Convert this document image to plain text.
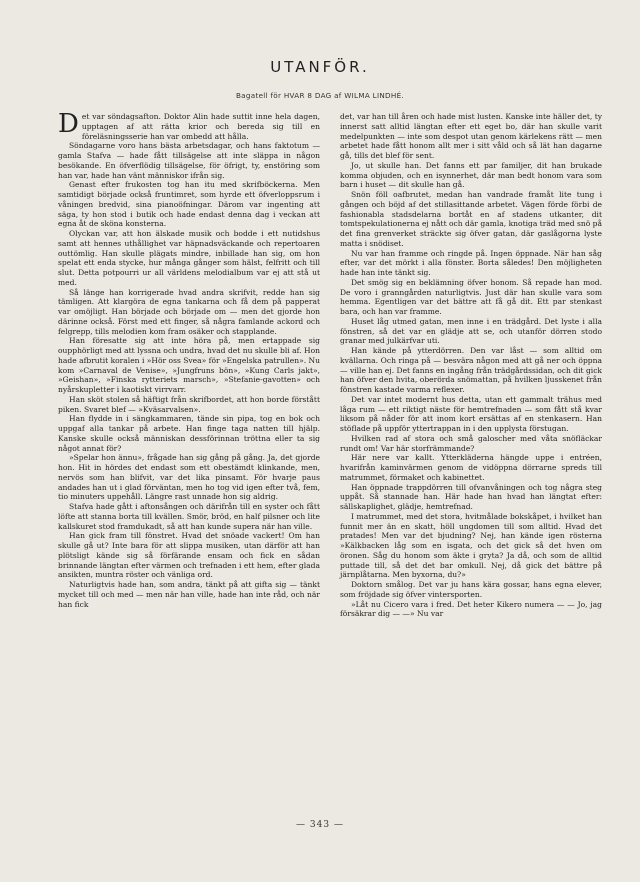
UTANFÖR.
Bagatell för HVAR 8 DAG af WILMA LINDHÉ.

Det var söndagsafton. Doktor Alin hade suttit inne hela dagen, upptagen af att rätta krior och bereda sig till en föreläsningsserie han var ombedd att hålla.

Söndagarne voro hans bästa arbetsdagar, och hans faktotum — gamla Stafva — hade fått tillsägelse att inte släppa in någon besökande. En öfverflödig tillsägelse, för öfrigt, ty, enstöring som han var, hade han vänt människor ifrån sig.

Genast efter frukosten tog han itu med skrifböckerna. Men samtidigt började också fruntimret, som hyrde ett öfverloppsrum i våningen bredvid, sina pianoöfningar. Därom var ingenting att säga, ty hon stod i butik och hade endast denna dag i veckan att egna åt de sköna konsterna.

Olyckan var, att hon älskade musik och bodde i ett nutidshus samt att hennes uthållighet var häpnadsväckande och repertoaren outtömlig. Han skulle plägats mindre, inbillade han sig, om hon spelat ett enda stycke, hur många gånger som hälst, felfritt och till slut. Detta potpourri ur all världens melodialbum var ej att stå ut med.

Så länge han korrigerade hvad andra skrifvit, redde han sig tämligen. Att klargöra de egna tankarna och få dem på papperat var omöjligt. Han började och började om — men det gjorde hon därinne också. Först med ett finger, så några famlande ackord och felgrepp, tills melodien kom fram osäker och stapplande.

Han föresatte sig att inte höra på, men ertappade sig oupphörligt med att lyssna och undra, hvad det nu skulle bli af. Hon hade afbrutit koralen i »Hör oss Svea» för »Engelska patrullen». Nu kom »Carnaval de Venise», »Jungfruns bön», »Kung Carls jakt», »Geishan», »Finska rytteriets marsch», »Stefanie-gavotten» och nyårskupletter i kaotiskt virrvarr.

Han sköt stolen så häftigt från skrifbordet, att hon borde förstått piken. Svaret blef — »Kväsarvalsen».

Han flydde in i sängkammaren, tände sin pipa, tog en bok och uppgaf alla tankar på arbete. Han finge taga natten till hjälp. Kanske skulle också människan dessförinnan tröttna eller ta sig något annat för?

»Spelar hon ännu», frågade han sig gång på gång. Ja, det gjorde hon. Hit in hördes det endast som ett obestämdt klinkande, men, nervös som han blifvit, var det lika pinsamt. För hvarje paus andades han ut i glad förväntan, men ho tog vid igen efter två, fem, tio minuters uppehåll. Längre rast unnade hon sig aldrig.

Stafva hade gått i aftonsången och därifrån till en syster och fått löfte att stanna borta till kvällen. Smör, bröd, en half pilsner och lite kallskuret stod framdukadt, så att han kunde supera när han ville.

Han gick fram till fönstret. Hvad det snöade vackert! Om han skulle gå ut? Inte bara för att slippa musiken, utan därför att han plötsligt kände sig så förfärande ensam och fick en sådan brinnande längtan efter värmen och trefnaden i ett hem, efter glada ansikten, muntra röster och vänliga ord.

Naturligtvis hade han, som andra, tänkt på att gifta sig — tänkt mycket till och med — men när han ville, hade han inte råd, och när han fick

det, var han till åren och hade mist lusten. Kanske inte häller det, ty innerst satt alltid längtan efter ett eget bo, där han skulle varit medelpunkten — inte som despot utan genom kärlekens rätt — men arbetet hade fått honom allt mer i sitt våld och så lät han dagarne gå, tills det blef för sent.

Jo, ut skulle han. Det fanns ett par familjer, dit han brukade komma objuden, och en isynnerhet, där man bedt honom vara som barn i huset — dit skulle han gå.

Snön föll oafbrutet, medan han vandrade framåt lite tung i gången och böjd af det stillasittande arbetet. Vägen förde förbi de fashionabla stadsdelarna bortåt en af stadens utkanter, dit tomtspekulationerna ej nått och där gamla, knotiga träd med snö på det fina grenverket sträckte sig öfver gatan, där gaslågorna lyste matta i snödiset.

Nu var han framme och ringde på. Ingen öppnade. När han såg efter, var det mörkt i alla fönster. Borta således! Den möjligheten hade han inte tänkt sig.

Det smög sig en beklämning öfver honom. Så repade han mod. De voro i granngården naturligtvis. Just där han skulle vara som hemma. Egentligen var det bättre att få gå dit. Ett par stenkast bara, och han var framme.

Huset låg utmed gatan, men inne i en trädgård. Det lyste i alla fönstren, så det var en glädje att se, och utanför dörren stodo granar med julkärfvar uti.

Han kände på ytterdörren. Den var låst — som alltid om kvällarna. Och ringa på — besvära någon med att gå ner och öppna — ville han ej. Det fanns en ingång från trädgårdssidan, och dit gick han öfver den hvita, oberörda snömattan, på hvilken ljusskenet från fönstren kastade varma reflexer.

Det var intet modernt hus detta, utan ett gammalt trähus med låga rum — ett riktigt näste för hemtrefnaden — som fått stå kvar liksom på nåder för att inom kort ersättas af en stenkasern. Han stöflade på uppför yttertrappan in i den upplysta förstugan.

Hvilken rad af stora och små galoscher med våta snöfläckar rundt om! Var här storfrämmande?

Här nere var kallt. Ytterkläderna hängde uppe i entréen, hvarifrån kaminvärmen genom de vidöppna dörrarne spreds till matrummet, förmaket och kabinettet.

Han öppnade trappdörren till ofvanvåningen och tog några steg uppåt. Så stannade han. Här hade han hvad han längtat efter: sällskaplighet, glädje, hemtrefnad.

I matrummet, med det stora, hvitmålade bokskåpet, i hvilket han funnit mer än en skatt, höll ungdomen till som alltid. Hvad det pratades! Men var det bjudning? Nej, han kände igen rösterna »Kälkbacken låg som en isgata, och det gick så det hven om öronen. Såg du honom som äkte i gryta? Ja då, och som de alltid puttade till, så det det bar omkull. Nej, då gick det bättre på järnplåtarna. Men byxorna, du?»

Doktorn smålog. Det var ju hans kära gossar, hans egna elever, som fröjdade sig öfver vintersporten.

»Låt nu Cicero vara i fred. Det heter Kikero numera — — Jo, jag försäkrar dig — —» Nu var

— 343 —
